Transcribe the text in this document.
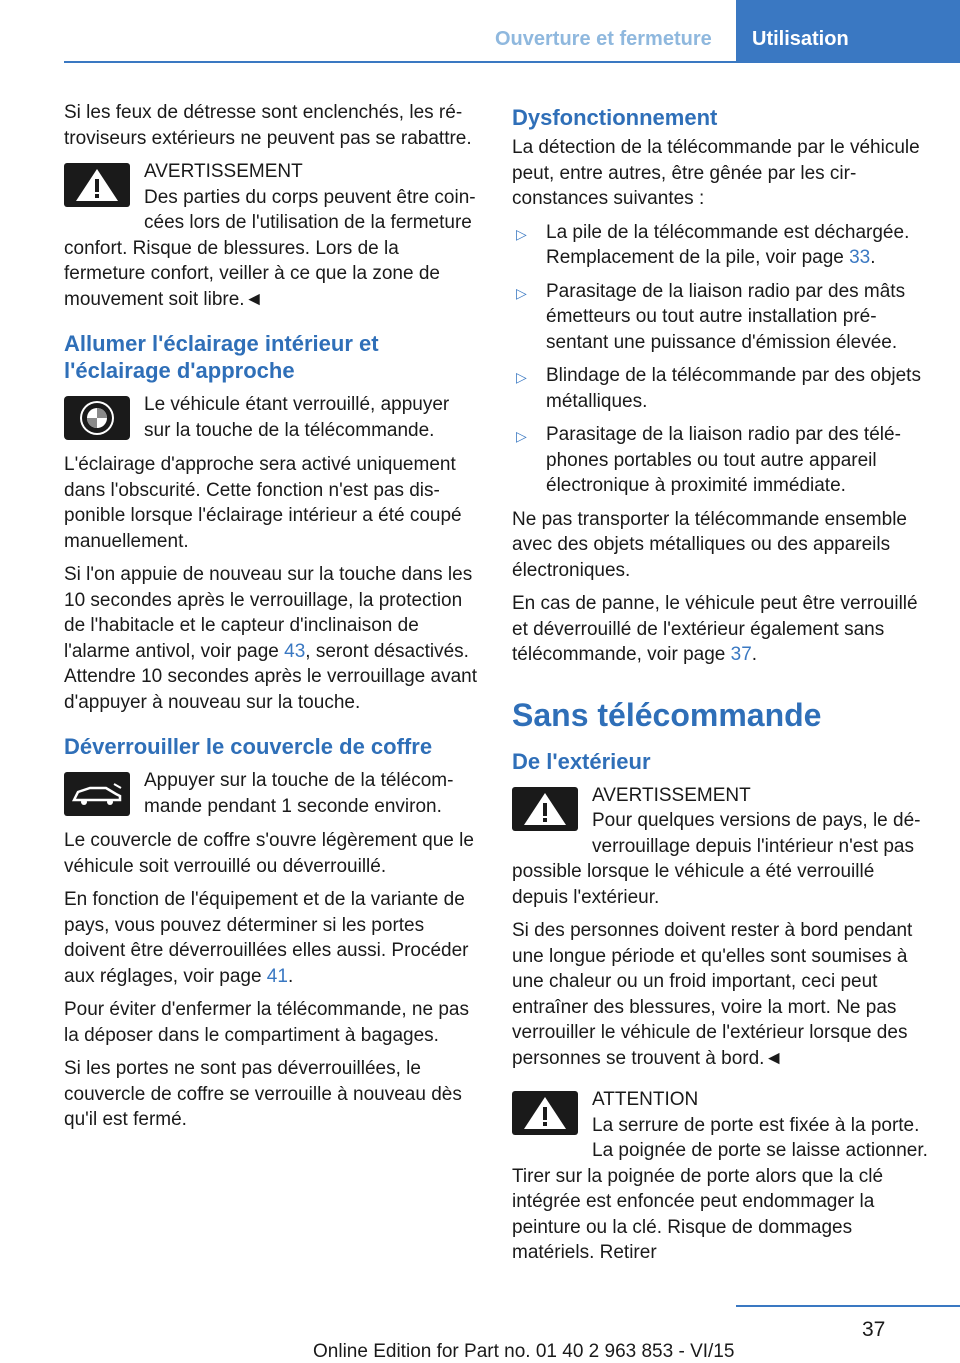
Ouverture et fermeture	Utilisation

Si les feux de détresse sont enclenchés, les rétroviseurs extérieurs ne peuvent pas se rabattre.

AVERTISSEMENT
Des parties du corps peuvent être coincées lors de l'utilisation de la fermeture confort. Risque de blessures. Lors de la fermeture confort, veiller à ce que la zone de mouvement soit libre.◄
Allumer l'éclairage intérieur et l'éclairage d'approche
Le véhicule étant verrouillé, appuyer sur la touche de la télécommande.

L'éclairage d'approche sera activé uniquement dans l'obscurité. Cette fonction n'est pas disponible lorsque l'éclairage intérieur a été coupé manuellement.

Si l'on appuie de nouveau sur la touche dans les 10 secondes après le verrouillage, la protection de l'habitacle et le capteur d'inclinaison de l'alarme antivol, voir page 43, seront désactivés. Attendre 10 secondes après le verrouillage avant d'appuyer à nouveau sur la touche.

Déverrouiller le couvercle de coffre
Appuyer sur la touche de la télécommande pendant 1 seconde environ.

Le couvercle de coffre s'ouvre légèrement que le véhicule soit verrouillé ou déverrouillé.

En fonction de l'équipement et de la variante de pays, vous pouvez déterminer si les portes doivent être déverrouillées elles aussi. Procéder aux réglages, voir page 41.

Pour éviter d'enfermer la télécommande, ne pas la déposer dans le compartiment à bagages.

Si les portes ne sont pas déverrouillées, le couvercle de coffre se verrouille à nouveau dès qu'il est fermé.

Dysfonctionnement

La détection de la télécommande par le véhicule peut, entre autres, être gênée par les circonstances suivantes :

▷ La pile de la télécommande est déchargée. Remplacement de la pile, voir page 33.
▷ Parasitage de la liaison radio par des mâts émetteurs ou tout autre installation présentant une puissance d'émission élevée.
▷ Blindage de la télécommande par des objets métalliques.
▷ Parasitage de la liaison radio par des téléphones portables ou tout autre appareil électronique à proximité immédiate.

Ne pas transporter la télécommande ensemble avec des objets métalliques ou des appareils électroniques.

En cas de panne, le véhicule peut être verrouillé et déverrouillé de l'extérieur également sans télécommande, voir page 37.

Sans télécommande
De l'extérieur
AVERTISSEMENT
Pour quelques versions de pays, le déverrouillage depuis l'intérieur n'est pas possible lorsque le véhicule a été verrouillé depuis l'extérieur.

Si des personnes doivent rester à bord pendant une longue période et qu'elles sont soumises à une chaleur ou un froid important, ceci peut entraîner des blessures, voire la mort. Ne pas verrouiller le véhicule de l'extérieur lorsque des personnes se trouvent à bord.◄

ATTENTION
La serrure de porte est fixée à la porte. La poignée de porte se laisse actionner. Tirer sur la poignée de porte alors que la clé intégrée est enfoncée peut endommager la peinture ou la clé. Risque de dommages matériels. Retirer
37
Online Edition for Part no. 01 40 2 963 853 - VI/15
